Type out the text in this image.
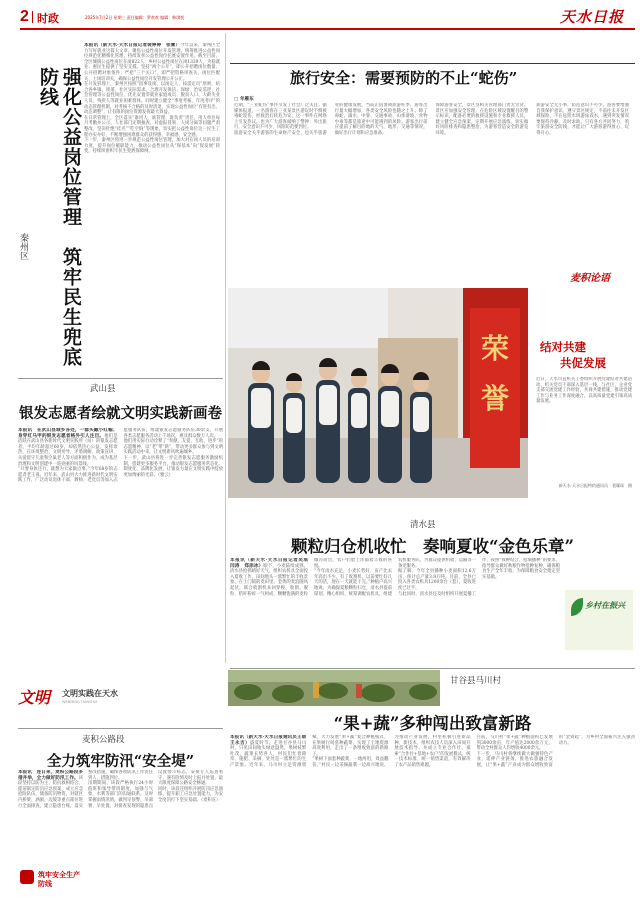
2 时政	2025年7月2日 星期三 责任编辑：罗欢欢 编辑：韩琪悦	天水日报
秦州区	强化公益岗位管理　筑牢民生兜底防线
本报讯（新天水·天水日报记者裴婷婷　张蕾）今年以来，秦州区全力写好就业这篇大文章，聚焦公益性岗位开发管理，统筹推进公益性岗位规范化精细化管理，持续发挥公益性岗位托底安置作用。截至目前，全区城镇公益性岗位在岗822人、乡村公益性岗位在岗1339人，为稳就业、惠民生提供了坚实支撑。坚持“两个公开”，即公开招聘岗位数量、公开招聘对象条件；严把“三个关口”，即严把资格审查关、岗位匹配关、上岗培训关，确保公益性岗位开发管理公开公正。
在开发管理上，秦州区按照“因事设岗、以岗定人、按需定员”原则，结合各乡镇、街道、社区实际需求，合理开发保洁、保绿、治安巡逻、社会管理等公益性岗位，优先安置零就业家庭成员、脱贫人口、大龄失业人员、残疾人等就业困难群体。同时建立健全“季度考核、年度考评”的动态管理机制，对考核不合格的及时清退，实现公益性岗位“有进有出、动态调整”，让有限的岗位资源发挥最大效益。
在日常管理上，全区落实“谁用人、谁管理、谁负责”责任，用人单位每月考勤并公示，人社部门定期抽查，对虚报冒领、人岗分离等问题严肃整改，坚决杜绝“挂名”“吃空饷”等现象，切实把公益性岗位这一民生工程办实办好，不断增强困难群众的获得感、幸福感、安全感。
下一步，秦州区将进一步规范公益性岗位管理，加大对在岗人员的培训力度，提升岗位履职能力，推动公益性岗位从“保基本”向“促发展”转变，持续织密织牢民生兜底保障网。
武山县
银发志愿者绘就文明实践新画卷
本报讯　在武山县城乡各处，一群头戴小红帽、身穿红马甲的银发志愿者格外引人注目。他们是活跃在武山县各新时代文明实践所（站）的银发志愿者，平均年龄超过60岁，却依然热心公益、发挥余热，在环境整治、文明劝导、矛盾调解、政策宣讲、关爱留守儿童和空巢老人等方面积极作为，成为基层治理和文明创建中一道亮丽的风景线。
“只要身体还行，就想为大家做点事。”今年68岁的志愿者老王说。近年来，武山县大力推进新时代文明实践工作，广泛动员退休干部、教师、老党员等加入志愿服务队伍，组建银发志愿服务队伍30余支，开展各类志愿服务活动上千场次，惠及群众数万人次。
他们用实际行动诠释了“奉献、友爱、互助、进步”的志愿精神，以“老”带“新”，带动更多群众参与到文明实践活动中来，让文明新风吹遍城乡。
下一步，武山县将进一步完善银发志愿服务激励机制，搭建更多服务平台，推动银发志愿服务常态化、制度化、品牌化发展，让银发力量在文明实践中绽放更加绚丽的光彩。（雅云）
文明	文明实践在天水
WENMING TIANSHUI
麦积公路段
全力筑牢防汛“安全堤”
本报讯　连日来，麦积公路段多措并举，全力做好防汛工作。该段坚持以防为主、防抗救相结合，提前制定防汛应急预案，成立应急抢险队伍，储备防汛物资，对辖区内桥梁、涵洞、边坡等重点部位进行全面排查，建立隐患台账，落实整改措施，确保各项防汛工作责任到人、措施到位。
汛期期间，该段严格执行24小时值班和领导带班制度，加强与气象、水利等部门的沟通联系，及时掌握雨情汛情，做到早预警、早部署、早处置。对排查发现的隐患点设置警示标志，安排专人巡查看守，遇有险情及时上报并处置，最大限度保障公路安全畅通。
同时，该段还组织开展防汛应急演练，提升职工应急处置能力，为安全度汛打下坚实基础。（麦积宣）
筑牢安全生产防线
旅行安全：需要预防的不止“蛇伤”
□ 年雁东
近期，“三亚蛇伤”事件引发了社会广泛关注。据媒体报道，一名游客在三亚某景区游玩时不慎被毒蛇咬伤，经救治后转危为安。这一事件在网络上引发热议，也为广大游客敲响了警钟：外出旅行，安全意识不可少，风险防范要到位。
旅游安全关乎游客的生命财产安全，也关乎旅游业的健康发展。当前正值暑期旅游旺季，游客出行量大幅增加，各类安全风险也随之上升。除了毒蛇，溺水、中暑、交通事故、山体滑坡、食物中毒等都是旅途中可能遇到的风险。游客出行前应提前了解目的地的天气、地形、交通等情况，做好出行计划和应急准备。
保障游客安全，景区及相关管理部门责无旁贷。景区应加强安全管理，在危险区域设置醒目的警示标识，配备必要的救援设施和专业救援人员，建立健全应急预案，定期开展应急演练，切实做好风险排查和隐患整治，为游客营造安全的游览环境。
旅游安全无小事，防范意识不可少。游客要增强自我保护意识，遵守景区规定，不前往未开发区域探险，不在危险水域游泳戏水，遇到突发情况要保持冷静，及时求助。只有各方共同努力，筑牢旅游安全防线，才能让广大游客游得放心、玩得开心。
麦积论语
荣
誉
结对共建
共促发展
近日，天水市直机关工委组织开展党建结对共建活动，机关党员干部深入基层一线，与社区、企业党支部交流党建工作经验，共商共建措施，推动党建工作与业务工作深度融合，以高质量党建引领高质量发展。
新天水·天水日报特约通讯员　裴耀琛　摄
清水县
颗粒归仓机收忙　奏响夏收“金色乐章”
本报讯（新天水·天水日报记者吴琪　闫涛　郑添冰）眼下，小麦陆续成熟，清水县抢抓晴好天气，组织农机具全面投入夏收工作，田间地头一派繁忙的丰收景象。在土门镇的麦田里，金黄的麦浪随风起伏，联合收割机来回穿梭，收割、脱粒、秸秆粉碎一气呵成，颗颗饱满的麦粒倾泻而出，农户们脸上洋溢着丰收的喜悦。
“今年雨水充足，小麦长势好，亩产比去年高出不少。有了收割机，以前要忙好几天的活，现在一天就能干完。”种植户高兴地说。为确保夏粮颗粒归仓，清水县提前谋划、精心组织，统筹调配农机具，组建农机服务队，为群众提供机收、运输等一条龙服务。
据了解，今年全县播种小麦面积12.6万亩，预计总产量3.8万吨。目前，全县已投入各类农机具1200余台（套），夏收进度已过半。
与此同时，清水县还及时组织开展夏播工作，按照“收种结合、抢墒播种”的要求，指导群众做好秋粮作物抢种复种，确保粮食生产全年丰收，为保障粮食安全奠定坚实基础。
乡村在振兴
甘谷县马川村
“果+蔬”多种闯出致富新路
本报讯（新天水·天水日报通讯员王碧　王永吉）盛夏时节，走进甘谷县马川村，只见田间地头绿意盎然，果树枝繁叶茂，蔬菜长势喜人，村民们忙着除草、施肥、采摘，处处是一派繁忙的生产景象。近年来，马川村立足资源禀赋，大力发展“果+蔬”复合种植模式，在果树行间套种蔬菜，实现了土地资源高效利用，走出了一条增收致富的新路子。
“果树下面套种蔬菜，一地两用，效益翻倍。”村民一边采摘蔬菜一边高兴地说。为推动产业发展，村里积极引进新品种、新技术，组织农技人员深入田间开展技术指导，并成立专业合作社，探索“合作社+基地+农户”的发展模式，统一技术标准、统一销售渠道，有效解决了农产品销售难题。
目前，马川村“果+蔬”种植面积已发展到3000余亩，年产值达2000余万元，带动全村群众人均增收4000余元。
下一步，马川村将继续做大做强特色产业，延伸产业链条，推进农旅融合发展，让“果+蔬”产业成为群众增收致富的“金钥匙”，为乡村全面振兴注入强劲动力。
